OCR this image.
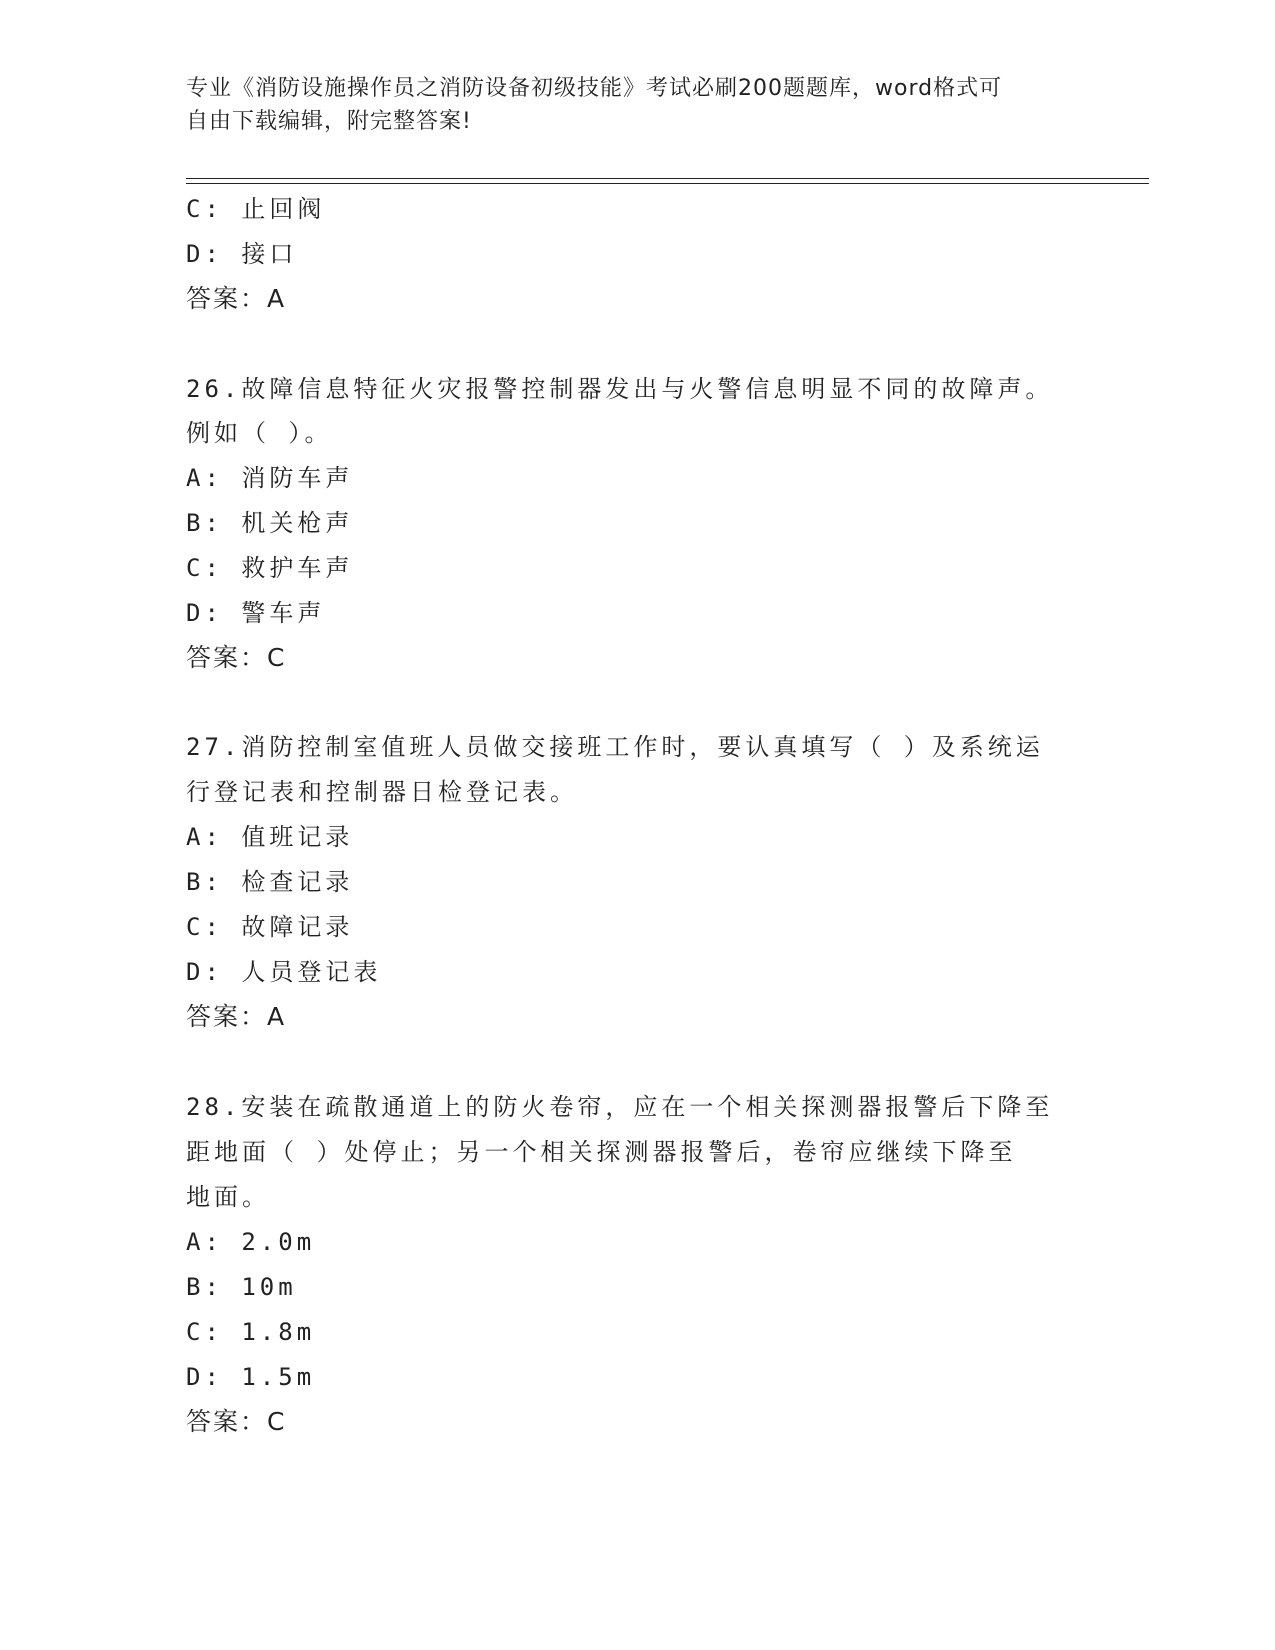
专业《消防设施操作员之消防设备初级技能》考试必刷200题题库，word格式可
自由下载编辑，附完整答案!
C: 止回阀
D: 接口
答案：A
26.故障信息特征火灾报警控制器发出与火警信息明显不同的故障声。
例如（ ）。
A: 消防车声
B: 机关枪声
C: 救护车声
D: 警车声
答案：C
27.消防控制室值班人员做交接班工作时，要认真填写（ ）及系统运
行登记表和控制器日检登记表。
A: 值班记录
B: 检查记录
C: 故障记录
D: 人员登记表
答案：A
28.安装在疏散通道上的防火卷帘，应在一个相关探测器报警后下降至
距地面（ ）处停止；另一个相关探测器报警后，卷帘应继续下降至
地面。
A: 2.0m
B: 10m
C: 1.8m
D: 1.5m
答案：C
